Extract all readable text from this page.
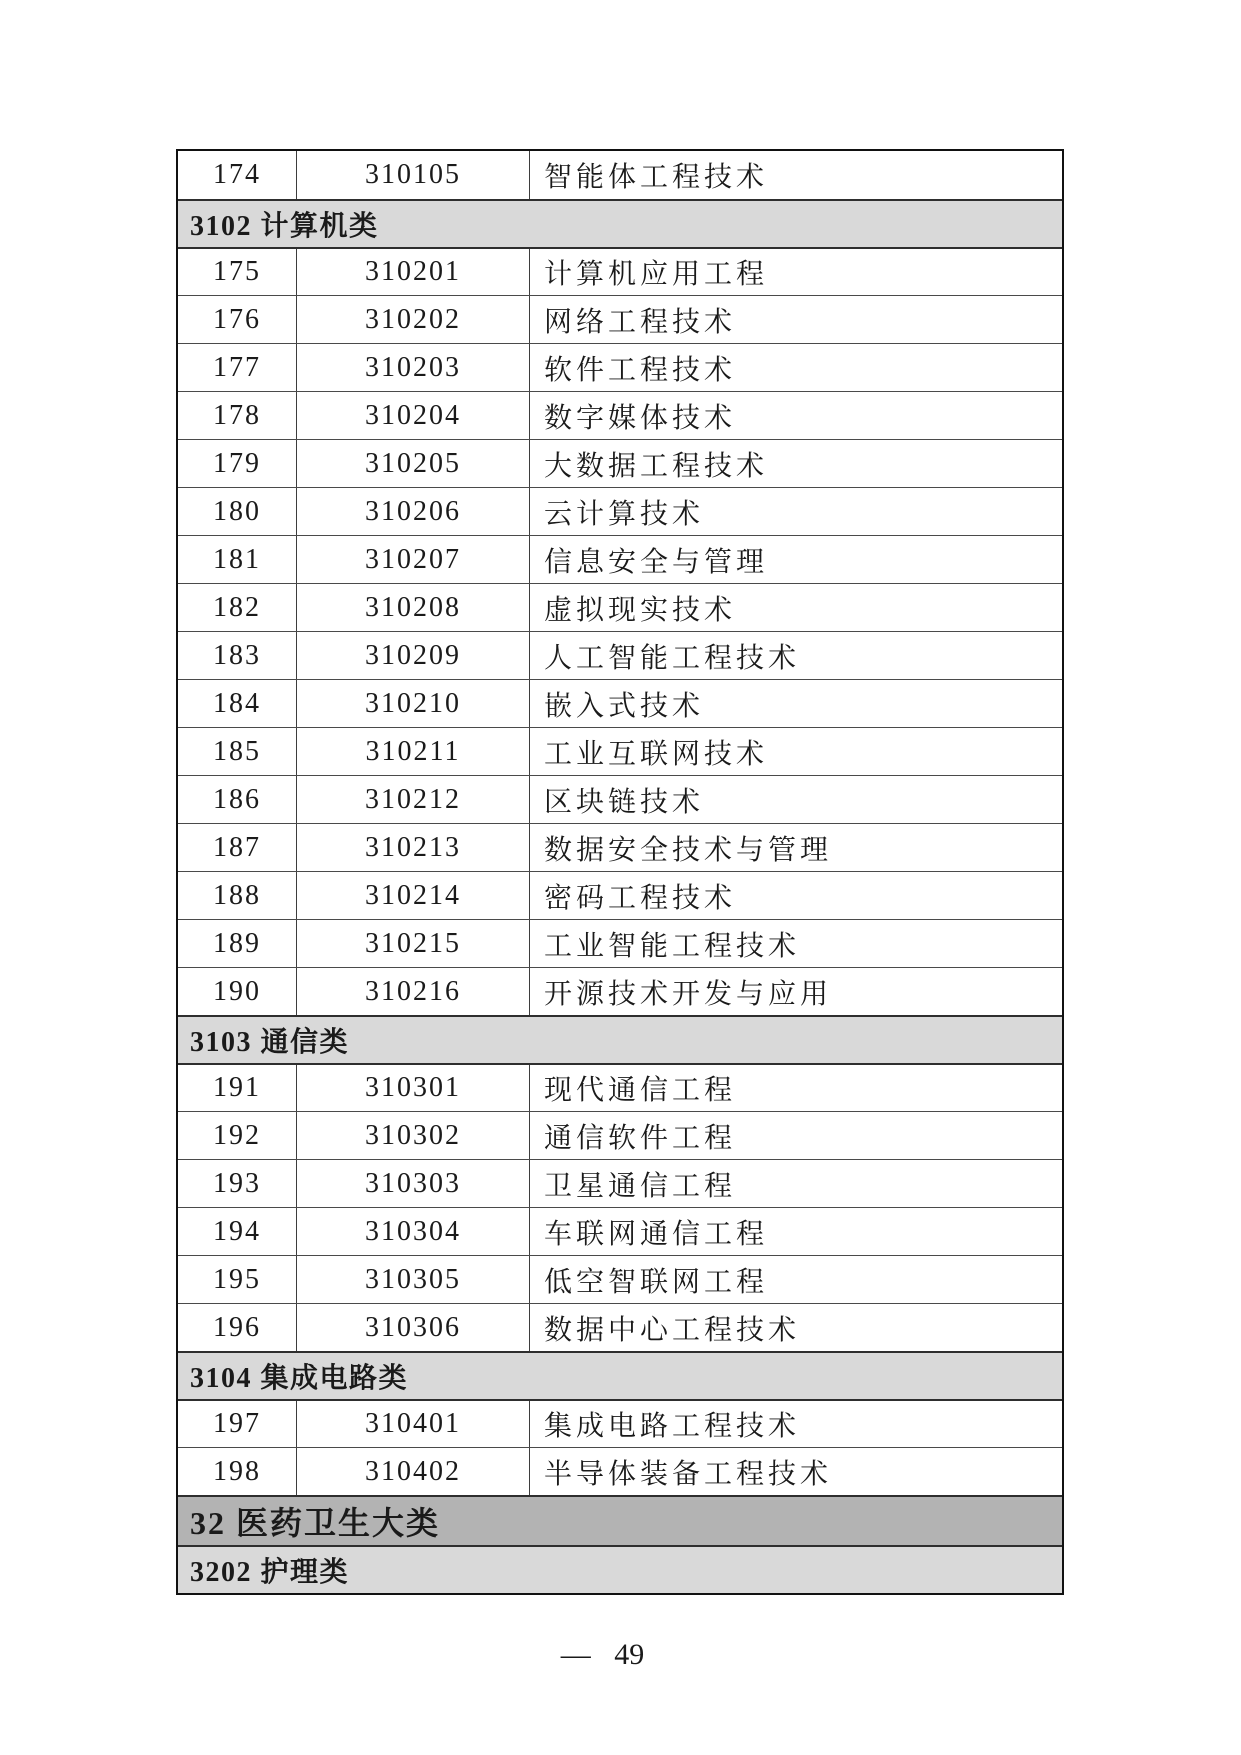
174	310105	智能体工程技术
3102 计算机类
175	310201	计算机应用工程
176	310202	网络工程技术
177	310203	软件工程技术
178	310204	数字媒体技术
179	310205	大数据工程技术
180	310206	云计算技术
181	310207	信息安全与管理
182	310208	虚拟现实技术
183	310209	人工智能工程技术
184	310210	嵌入式技术
185	310211	工业互联网技术
186	310212	区块链技术
187	310213	数据安全技术与管理
188	310214	密码工程技术
189	310215	工业智能工程技术
190	310216	开源技术开发与应用
3103 通信类
191	310301	现代通信工程
192	310302	通信软件工程
193	310303	卫星通信工程
194	310304	车联网通信工程
195	310305	低空智联网工程
196	310306	数据中心工程技术
3104 集成电路类
197	310401	集成电路工程技术
198	310402	半导体装备工程技术
32 医药卫生大类
3202 护理类
— 49
